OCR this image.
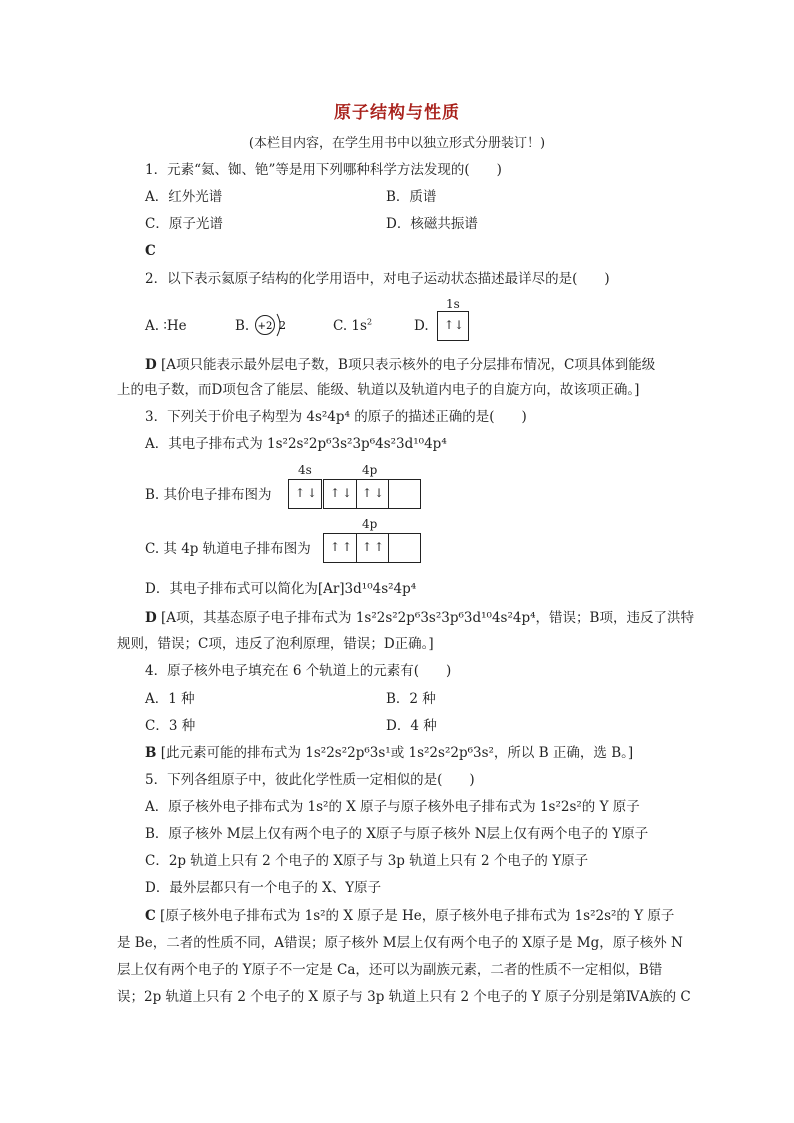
原子结构与性质
(本栏目内容，在学生用书中以独立形式分册装订！)
1．元素“氦、铷、铯”等是用下列哪种科学方法发现的(　　)
A．红外光谱	B．质谱
C．原子光谱	D．核磁共振谱
C
2．以下表示氦原子结构的化学用语中，对电子运动状态描述最详尽的是(　　)
A. ∶He	B. +2 2	C. $1s^2$	D.
1s
↑ ↓
D [A项只能表示最外层电子数，B项只表示核外的电子分层排布情况，C项具体到能级
上的电子数，而D项包含了能层、能级、轨道以及轨道内电子的自旋方向，故该项正确。]
3．下列关于价电子构型为 4s²4p⁴ 的原子的描述正确的是(　　)
A．其电子排布式为 1s²2s²2p⁶3s²3p⁶4s²3d¹⁰4p⁴
4s	4p
B. 其价电子排布图为 ↑ ↓ ↑ ↓ ↑ ↓
4p
C. 其 4p 轨道电子排布图为 ↑ ↑ ↑ ↑
D．其电子排布式可以简化为[Ar]3d¹⁰4s²4p⁴
D [A项，其基态原子电子排布式为 1s²2s²2p⁶3s²3p⁶3d¹⁰4s²4p⁴，错误；B项，违反了洪特
规则，错误；C项，违反了泡利原理，错误；D正确。]
4．原子核外电子填充在 6 个轨道上的元素有(　　)
A．1 种	B．2 种
C．3 种	D．4 种
B [此元素可能的排布式为 1s²2s²2p⁶3s¹或 1s²2s²2p⁶3s²，所以 B 正确，选 B。]
5．下列各组原子中，彼此化学性质一定相似的是(　　)
A．原子核外电子排布式为 1s²的 X 原子与原子核外电子排布式为 1s²2s²的 Y 原子
B．原子核外 M层上仅有两个电子的 X原子与原子核外 N层上仅有两个电子的 Y原子
C．2p 轨道上只有 2 个电子的 X原子与 3p 轨道上只有 2 个电子的 Y原子
D．最外层都只有一个电子的 X、Y原子
C [原子核外电子排布式为 1s²的 X 原子是 He，原子核外电子排布式为 1s²2s²的 Y 原子
是 Be，二者的性质不同，A错误；原子核外 M层上仅有两个电子的 X原子是 Mg，原子核外 N
层上仅有两个电子的 Y原子不一定是 Ca，还可以为副族元素，二者的性质不一定相似，B错
误；2p 轨道上只有 2 个电子的 X 原子与 3p 轨道上只有 2 个电子的 Y 原子分别是第ⅣA族的 C
